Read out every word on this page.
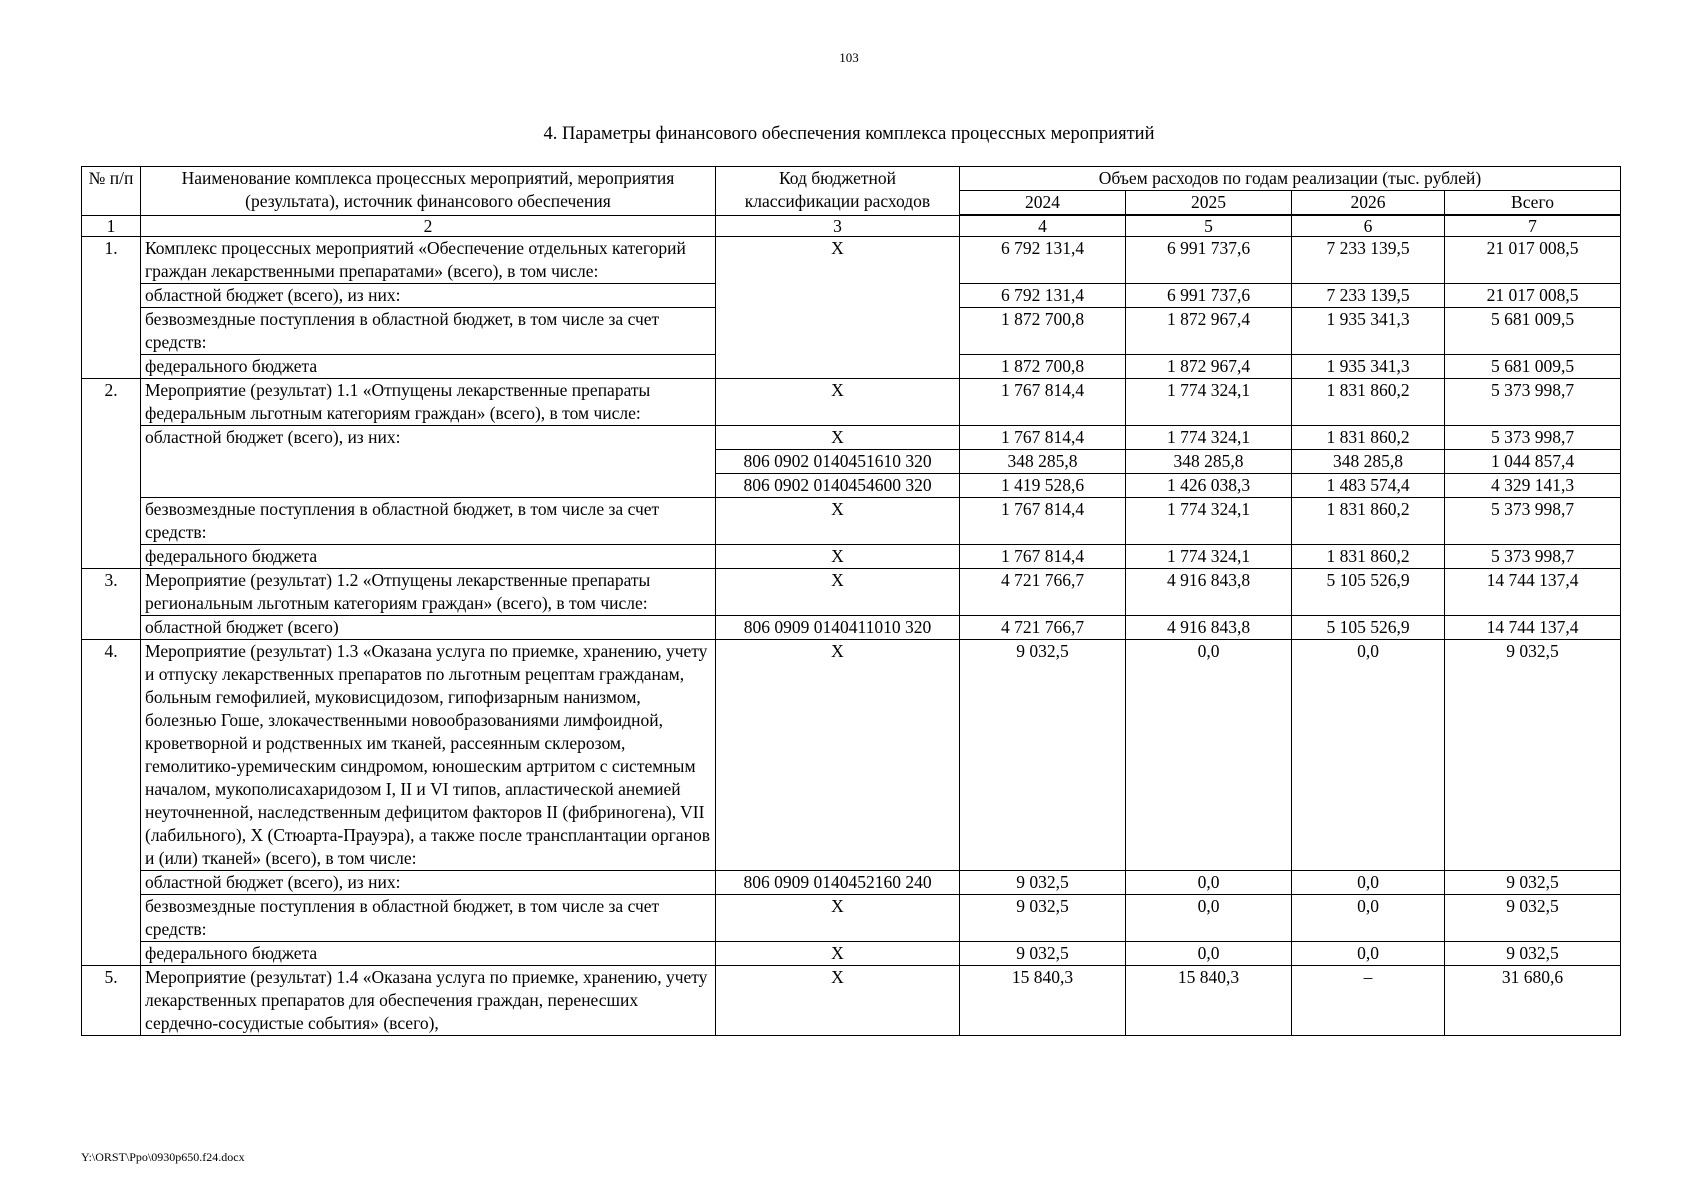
103
4. Параметры финансового обеспечения комплекса процессных мероприятий
№ п/п	Наименование комплекса процессных мероприятий, мероприятия (результата), источник финансового обеспечения	Код бюджетной классификации расходов	Объем расходов по годам реализации (тыс. рублей)			
			2024	2025	2026	Всего
1	2	3	4	5	6	7
1.	Комплекс процессных мероприятий «Обеспечение отдельных категорий граждан лекарственными препаратами» (всего), в том числе:	X	6 792 131,4	6 991 737,6	7 233 139,5	21 017 008,5
	областной бюджет (всего), из них:		6 792 131,4	6 991 737,6	7 233 139,5	21 017 008,5
	безвозмездные поступления в областной бюджет, в том числе за счет средств:		1 872 700,8	1 872 967,4	1 935 341,3	5 681 009,5
	федерального бюджета		1 872 700,8	1 872 967,4	1 935 341,3	5 681 009,5
2.	Мероприятие (результат) 1.1 «Отпущены лекарственные препараты федеральным льготным категориям граждан» (всего), в том числе:	X	1 767 814,4	1 774 324,1	1 831 860,2	5 373 998,7
	областной бюджет (всего), из них:	X	1 767 814,4	1 774 324,1	1 831 860,2	5 373 998,7
		806 0902 0140451610 320	348 285,8	348 285,8	348 285,8	1 044 857,4
		806 0902 0140454600 320	1 419 528,6	1 426 038,3	1 483 574,4	4 329 141,3
	безвозмездные поступления в областной бюджет, в том числе за счет средств:	X	1 767 814,4	1 774 324,1	1 831 860,2	5 373 998,7
	федерального бюджета	X	1 767 814,4	1 774 324,1	1 831 860,2	5 373 998,7
3.	Мероприятие (результат) 1.2 «Отпущены лекарственные препараты региональным льготным категориям граждан» (всего), в том числе:	X	4 721 766,7	4 916 843,8	5 105 526,9	14 744 137,4
	областной бюджет (всего)	806 0909 0140411010 320	4 721 766,7	4 916 843,8	5 105 526,9	14 744 137,4
4.	Мероприятие (результат) 1.3 «Оказана услуга по приемке, хранению, учету и отпуску лекарственных препаратов по льготным рецептам гражданам, больным гемофилией, муковисцидозом, гипофизарным нанизмом, болезнью Гоше, злокачественными новообразованиями лимфоидной, кроветворной и родственных им тканей, рассеянным склерозом, гемолитико-уремическим синдромом, юношеским артритом с системным началом, мукополисахаридозом I, II и VI типов, апластической анемией неуточненной, наследственным дефицитом факторов II (фибриногена), VII (лабильного), X (Стюарта-Прауэра), а также после трансплантации органов и (или) тканей» (всего), в том числе:	X	9 032,5	0,0	0,0	9 032,5
	областной бюджет (всего), из них:	806 0909 0140452160 240	9 032,5	0,0	0,0	9 032,5
	безвозмездные поступления в областной бюджет, в том числе за счет средств:	X	9 032,5	0,0	0,0	9 032,5
	федерального бюджета	X	9 032,5	0,0	0,0	9 032,5
5.	Мероприятие (результат) 1.4 «Оказана услуга по приемке, хранению, учету лекарственных препаратов для обеспечения граждан, перенесших сердечно-сосудистые события» (всего),	X	15 840,3	15 840,3	–	31 680,6
Y:\ORST\Ppo\0930p650.f24.docx
